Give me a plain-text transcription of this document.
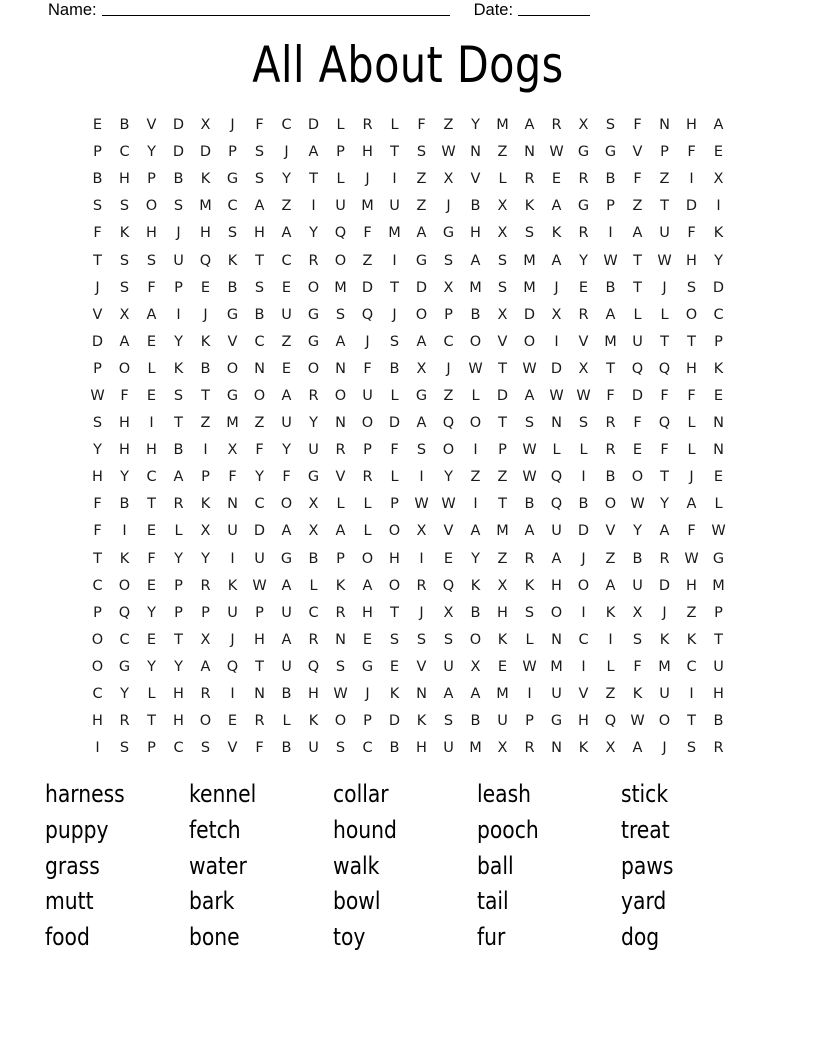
Name:	Date:
All About Dogs
E	B	V	D	X	J	F	C	D	L	R	L	F	Z	Y	M	A	R	X	S	F	N	H	A
P	C	Y	D	D	P	S	J	A	P	H	T	S	W N	Z	N W G	G	V	P	F	E
B	H	P	B	K	G	S	Y	T	L	J	I	Z	X	V	L	R	E	R	B	F	Z	I	X
S	S	O	S	M	C	A	Z	I	U	M	U	Z	J	B	X	K	A	G	P	Z	T	D	I
F	K	H	J	H	S	H	A	Y	Q	F	M	A	G	H	X	S	K	R	I	A	U	F	K
T	S	S	U	Q	K	T	C	R	O	Z	I	G	S	A	S	M	A	Y	W	T	W H	Y
J	S	F	P	E	B	S	E	O	M	D	T	D	X	M	S	M	J	E	B	T	J	S	D
V	X	A	I	J	G	B	U	G	S	Q	J	O	P	B	X	D	X	R	A	L	L	O	C
D	A	E	Y	K	V	C	Z	G	A	J	S	A	C	O	V	O	I	V	M	U	T	T	P
P	O	L	K	B	O	N	E	O	N	F	B	X	J	W	T	W D	X	T	Q	Q	H	K
W	F	E	S	T	G	O	A	R	O	U	L	G	Z	L	D	A	W W	F	D	F	F	E
S	H	I	T	Z	M	Z	U	Y	N	O	D	A	Q	O	T	S	N	S	R	F	Q	L	N
Y	H	H	B	I	X	F	Y	U	R	P	F	S	O	I	P	W	L	L	R	E	F	L	N
H	Y	C	A	P	F	Y	F	G	V	R	L	I	Y	Z	Z	W Q	I	B	O	T	J	E
F	B	T	R	K	N	C	O	X	L	L	P	W W	I	T	B	Q	B	O W	Y	A	L
F	I	E	L	X	U	D	A	X	A	L	O	X	V	A	M	A	U	D	V	Y	A	F	W
T	K	F	Y	Y	I	U	G	B	P	O	H	I	E	Y	Z	R	A	J	Z	B	R	W G
C	O	E	P	R	K	W	A	L	K	A	O	R	Q	K	X	K	H	O	A	U	D	H	M
P	Q	Y	P	P	U	P	U	C	R	H	T	J	X	B	H	S	O	I	K	X	J	Z	P
O	C	E	T	X	J	H	A	R	N	E	S	S	S	O	K	L	N	C	I	S	K	K	T
O	G	Y	Y	A	Q	T	U	Q	S	G	E	V	U	X	E	W M	I	L	F	M	C	U
C	Y	L	H	R	I	N	B	H W	J	K	N	A	A	M	I	U	V	Z	K	U	I	H
H	R	T	H	O	E	R	L	K	O	P	D	K	S	B	U	P	G	H	Q W O	T	B
I	S	P	C	S	V	F	B	U	S	C	B	H	U	M	X	R	N	K	X	A	J	S	R
harness	kennel	collar	leash	stick
puppy	fetch	hound	pooch	treat
grass	water	walk	ball	paws
mutt	bark	bowl	tail	yard
food	bone	toy	fur	dog
